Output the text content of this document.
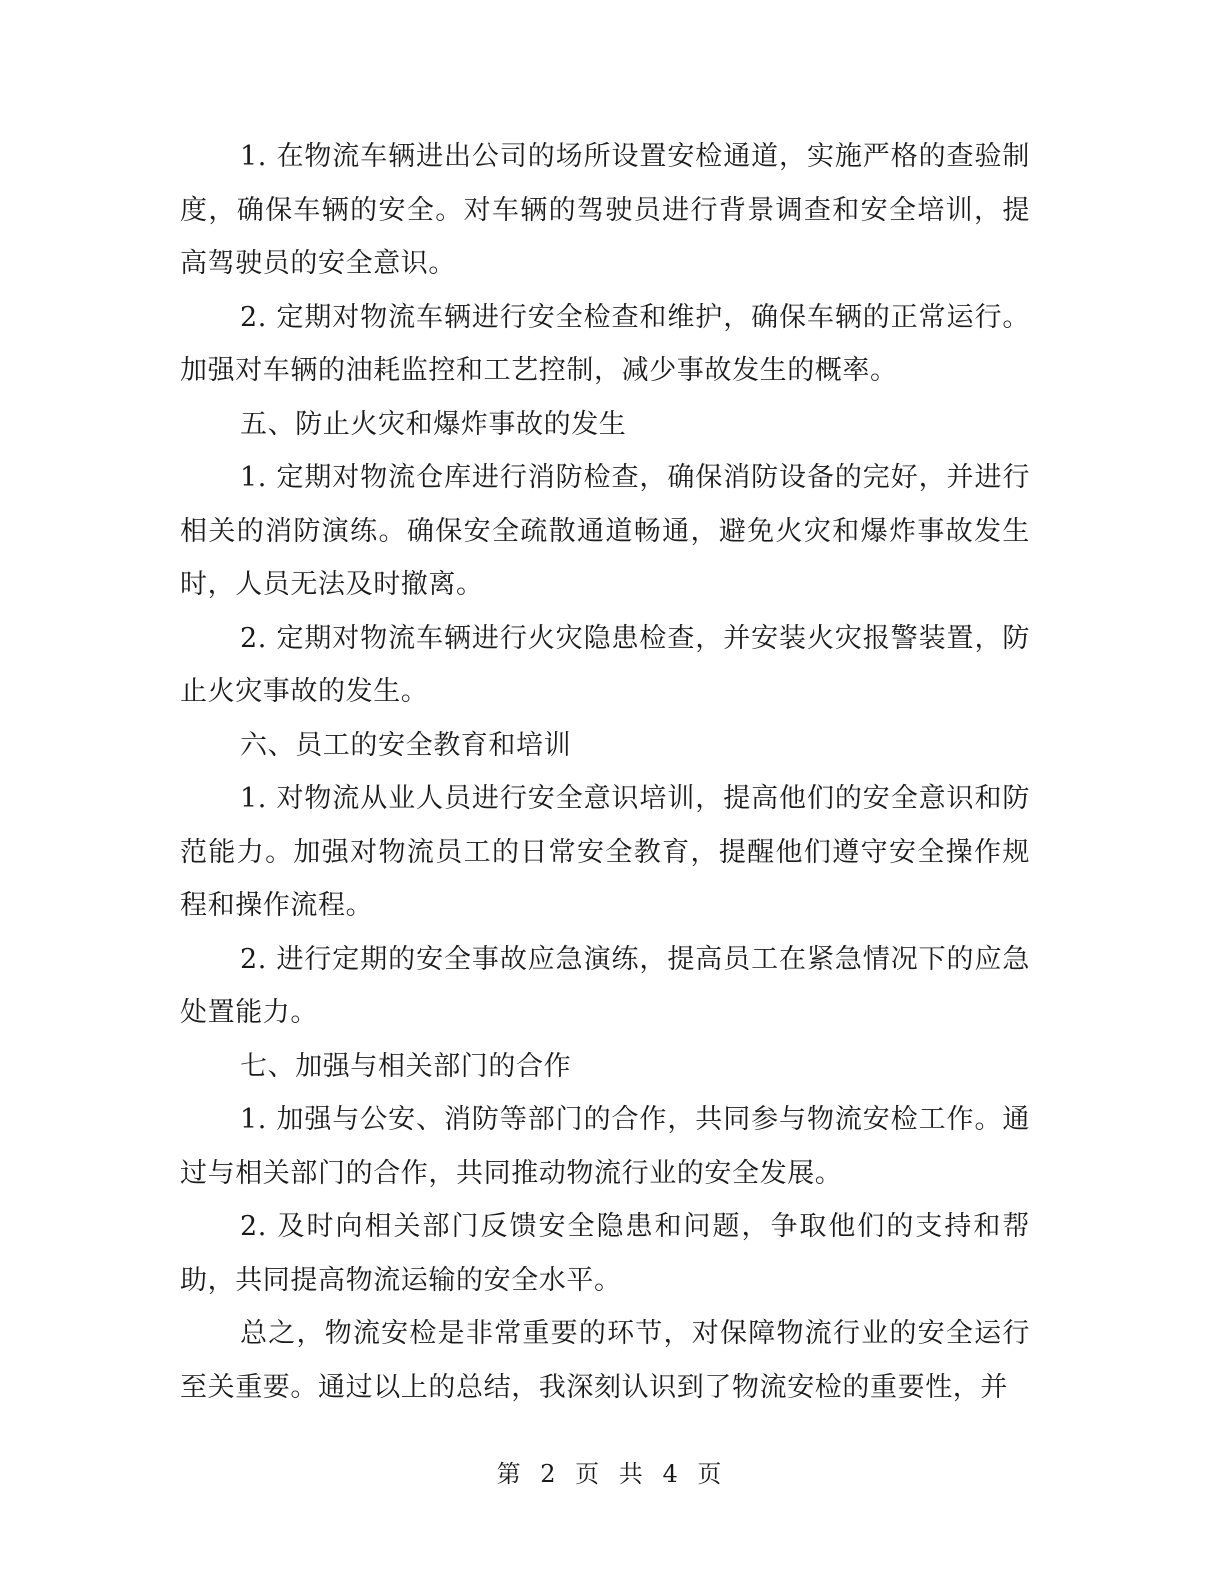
1. 在物流车辆进出公司的场所设置安检通道，实施严格的查验制度，确保车辆的安全。对车辆的驾驶员进行背景调查和安全培训，提高驾驶员的安全意识。

2. 定期对物流车辆进行安全检查和维护，确保车辆的正常运行。加强对车辆的油耗监控和工艺控制，减少事故发生的概率。

五、防止火灾和爆炸事故的发生

1. 定期对物流仓库进行消防检查，确保消防设备的完好，并进行相关的消防演练。确保安全疏散通道畅通，避免火灾和爆炸事故发生时，人员无法及时撤离。

2. 定期对物流车辆进行火灾隐患检查，并安装火灾报警装置，防止火灾事故的发生。

六、员工的安全教育和培训

1. 对物流从业人员进行安全意识培训，提高他们的安全意识和防范能力。加强对物流员工的日常安全教育，提醒他们遵守安全操作规程和操作流程。

2. 进行定期的安全事故应急演练，提高员工在紧急情况下的应急处置能力。

七、加强与相关部门的合作

1. 加强与公安、消防等部门的合作，共同参与物流安检工作。通过与相关部门的合作，共同推动物流行业的安全发展。

2. 及时向相关部门反馈安全隐患和问题，争取他们的支持和帮助，共同提高物流运输的安全水平。

总之，物流安检是非常重要的环节，对保障物流行业的安全运行至关重要。通过以上的总结，我深刻认识到了物流安检的重要性，并

第 2 页 共 4 页
